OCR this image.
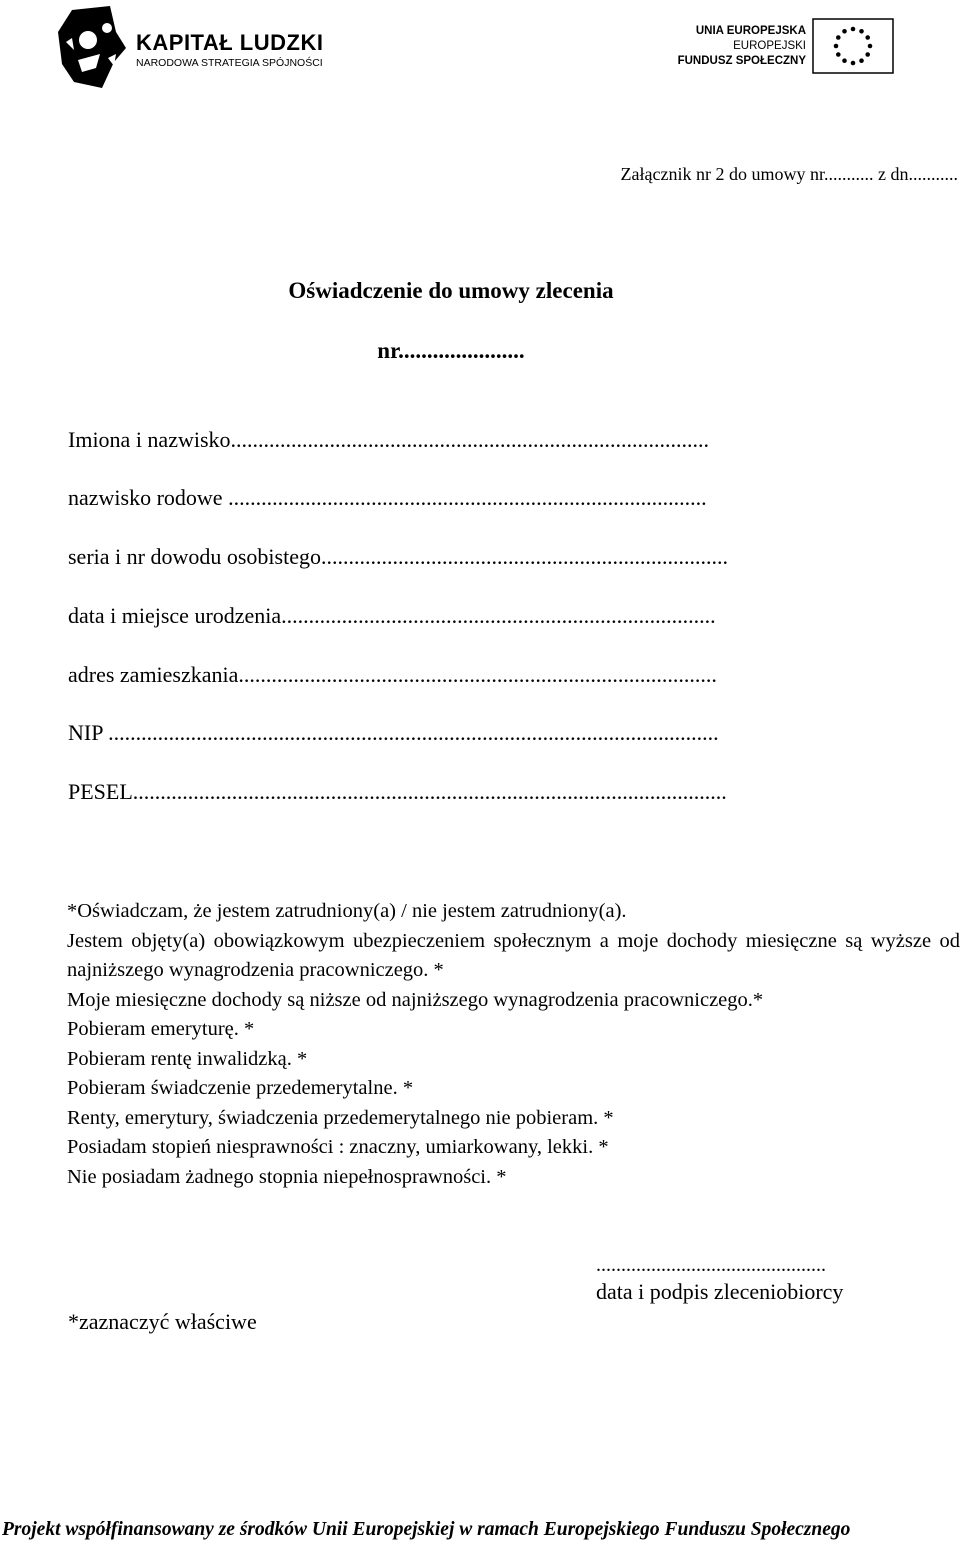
KAPITAŁ LUDZKI
NARODOWA STRATEGIA SPÓJNOŚCI
UNIA EUROPEJSKA
EUROPEJSKI
FUNDUSZ SPOŁECZNY
Załącznik nr 2 do umowy nr........... z dn...........
Oświadczenie do umowy zlecenia
nr......................
Imiona i nazwisko.......................................................................................
nazwisko rodowe .......................................................................................
seria i nr dowodu osobistego..........................................................................
data i miejsce urodzenia...............................................................................
adres zamieszkania.......................................................................................
NIP ...............................................................................................................
PESEL............................................................................................................

*Oświadczam, że jestem zatrudniony(a) / nie jestem zatrudniony(a).

Jestem objęty(a) obowiązkowym ubezpieczeniem społecznym a moje dochody miesięczne są wyższe od najniższego wynagrodzenia pracowniczego. *

Moje miesięczne dochody są niższe od najniższego wynagrodzenia pracowniczego.*

Pobieram emeryturę. *

Pobieram rentę inwalidzką. *

Pobieram świadczenie przedemerytalne. *

Renty, emerytury, świadczenia przedemerytalnego nie pobieram. *

Posiadam stopień niesprawności : znaczny, umiarkowany, lekki. *

Nie posiadam żadnego stopnia niepełnosprawności. *

..............................................
data i podpis zleceniobiorcy
*zaznaczyć właściwe
Projekt współfinansowany ze środków Unii Europejskiej w ramach Europejskiego Funduszu Społecznego
